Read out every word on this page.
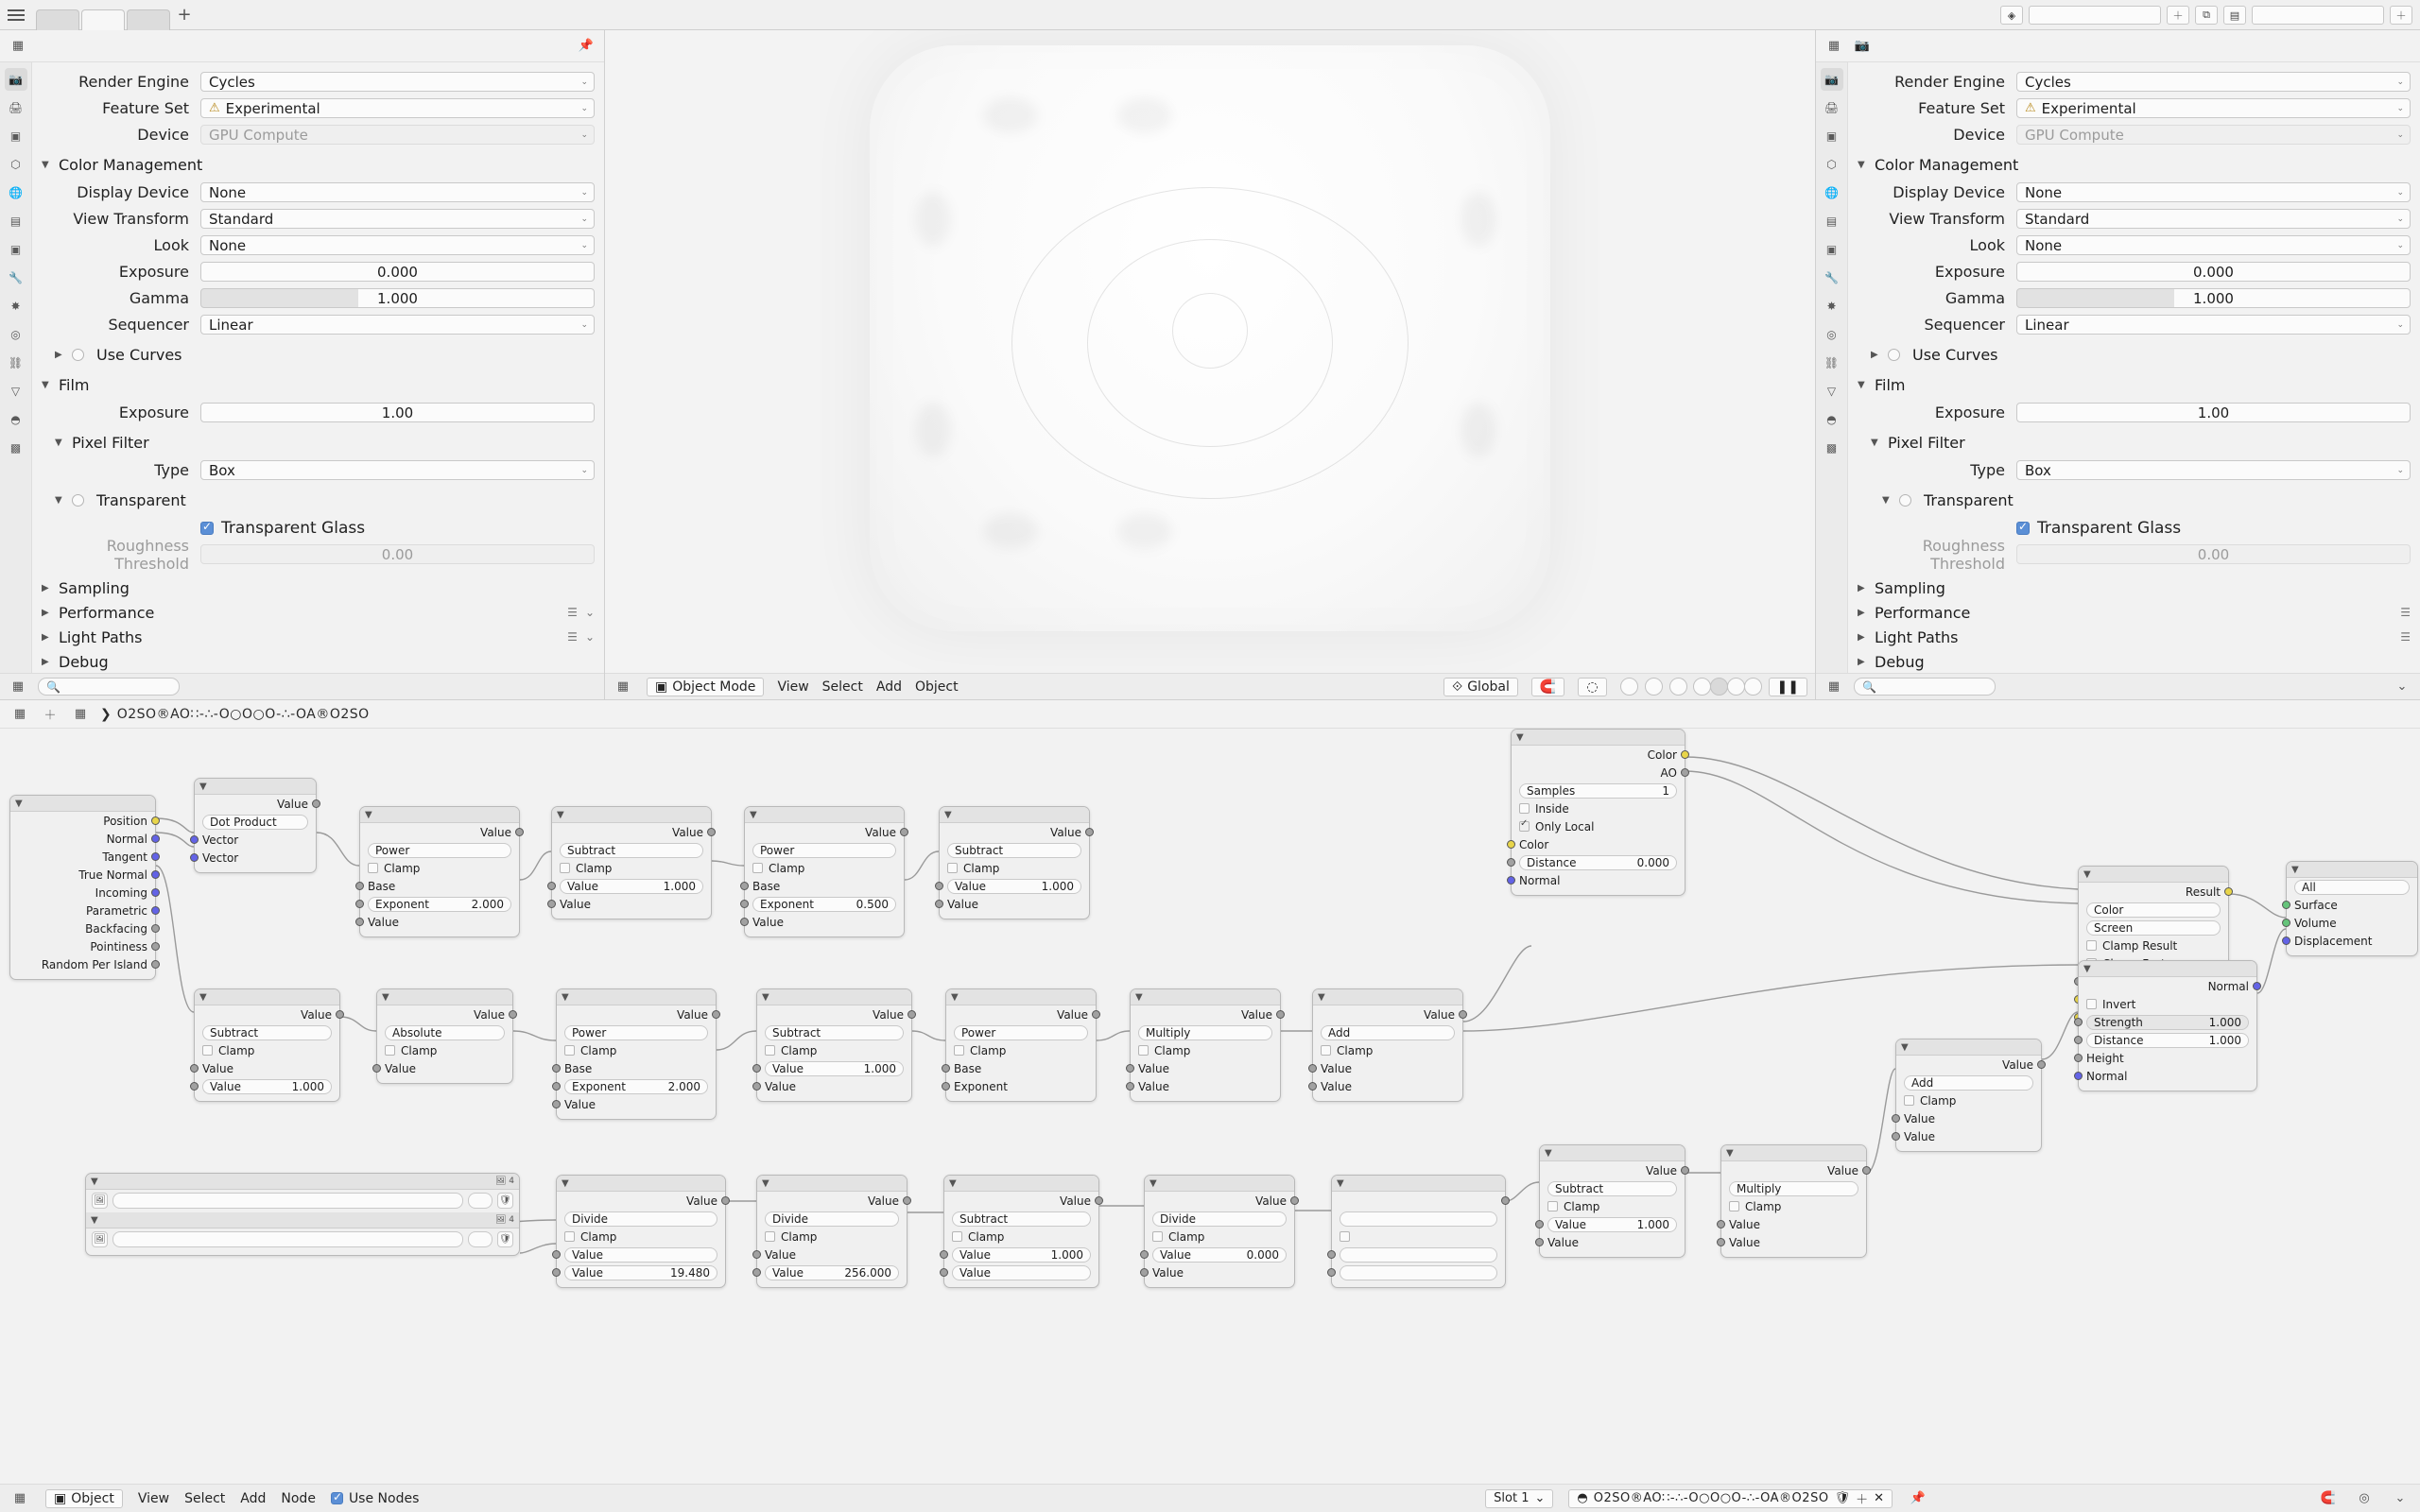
+	◈	＋	⧉	▤	＋
▦	📌
📷
🖨
▣
⬡
🌐
▤
▣
🔧
✸
◎
⛓
▽
◓
▩
Render Engine	Cycles	⌄
Feature Set	⚠ Experimental	⌄
Device	GPU Compute	⌄
▼ Color Management
Display Device	None	⌄
View Transform	Standard	⌄
Look	None	⌄
Exposure	0.000
Gamma	1.000
Sequencer	Linear	⌄
▶ Use Curves
▼ Film
Exposure	1.00
▼ Pixel Filter
Type	Box	⌄
▼ Transparent
✓
Transparent Glass
Roughness Threshold	0.00
▶ Sampling
▶ Performance	☰ ⌄
▶ Light Paths	☰ ⌄
▶ Debug
▦	🔍	▦	▣ Object Mode View Select Add Object	⟐ Global 🧲 ◌	❚❚
▦	📷
📷
🖨
▣
⬡
🌐
▤
▣
🔧
✸
◎
⛓
▽
◓
▩
Render Engine	Cycles	⌄
Feature Set	⚠ Experimental	⌄
Device	GPU Compute	⌄
▼ Color Management
Display Device	None	⌄
View Transform	Standard	⌄
Look	None	⌄
Exposure	0.000
Gamma	1.000
Sequencer	Linear	⌄
▶ Use Curves
▼ Film
Exposure	1.00
▼ Pixel Filter
Type	Box	⌄
▼ Transparent
✓
Transparent Glass
Roughness Threshold	0.00
▶ Sampling
▶ Performance	☰
▶ Light Paths	☰
▶ Debug
▦	🔍	⌄
▦	＋	▦	❯ O2SO®AO∷-∴-O○O○O-∴-OA®O2SO
▼
Position
Normal
Tangent
True Normal
Incoming
Parametric
Backfacing
Pointiness
Random Per Island
▼
Value
Dot Product
Vector
Vector
▼
Value
Power
Clamp
Base
Exponent	2.000
Value
▼
Value
Subtract
Clamp
Value	1.000
Value
▼
Value
Power
Clamp
Base
Exponent	0.500
Value
▼
Value
Subtract
Clamp
Value	1.000
Value
▼
Value
Subtract
Clamp
Value
Value	1.000
▼
Value
Absolute
Clamp
Value
▼
Value
Power
Clamp
Base
Exponent	2.000
Value
▼
Value
Subtract
Clamp
Value	1.000
Value
▼
Value
Power
Clamp
Base
Exponent
▼
Value
Multiply
Clamp
Value
Value
▼
Value
Add
Clamp
Value
Value
▼
Color
AO
Samples	1
Inside
✓
Only Local
Color
Distance	0.000
Normal	▼
Result
Color
Screen
Clamp Result
▼
All
Surface
Volume
Displacement
▼
Normal
Invert
Strength	1.000
Distance	1.000
Height
Normal
▼
Value
Add
Clamp
Value
Value
▼
Value
Subtract
Clamp
Value	1.000
Value
▼
Value
Multiply
Clamp
Value
Value
▼	🖼 4
🖼	🛡
▼	🖼 4
🖼	🛡
▼
Value
Divide
Clamp
Value
Value	19.480
▼
Value
Divide
Clamp
Value
Value	256.000
▼
Value
Subtract
Clamp
Value	1.000
Value
▼
Value
Divide
Clamp
Value	0.000
Value
▼
▦	▣ Object View Select Add Node ✓	Use Nodes	Slot 1 ⌄	◓ O2SO®AO∷-∴-O○O○O-∴-OA®O2SO 🛡 ＋ ✕ 📌	🧲	◎	⌄
